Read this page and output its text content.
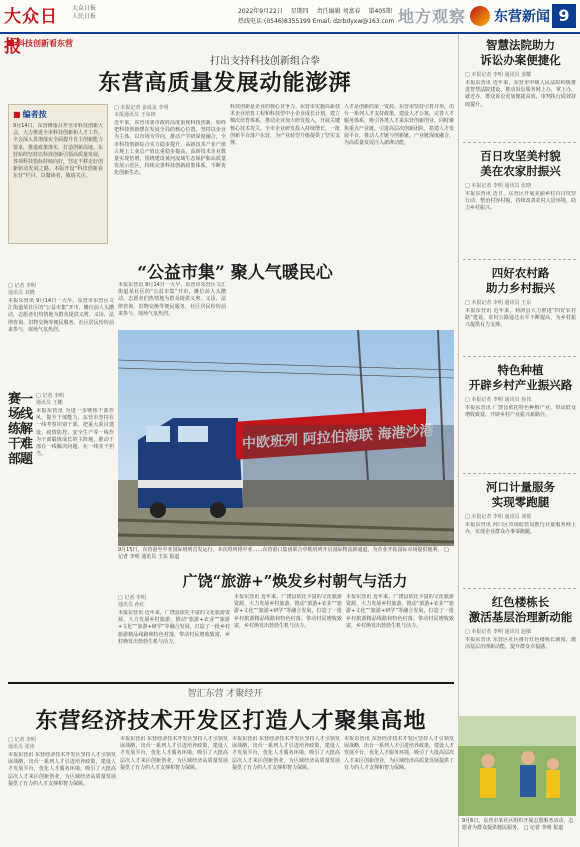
大众日报
大众日报
人民日报
2022年9月22日 星期四 责任编辑 刘富春 第405期
热线电话:(0546)8355199 Email: dzrbdyxw@163.com 地方观察	东营新闻 9
科技创新看东营
打出支持科技创新组合拳
东营高质量发展动能澎湃
■ 编者按
9月14日，东营隆重召开全市科技创新大会，大力推进全市科技创新和人才工作。全会深入贯彻落实全面提升自主创新能力要求，推进政策落实，打造创新高地。东营始终坚持以科技创新引领高质量发展，各项科技指标持续向好，坚定不移走好创新驱动发展之路。本版开设“科技创新看东营”栏目，以餐读者，敬请关注。
□ 本报记者 姜成龙 李明
本报通讯员 于东林
近年来，东营市委市政府高度重视科技创新，始终把科技创新摆在发展全局的核心位置。坚持以企业为主体，以市场为导向，推动产学研深度融合，全市科技创新综合实力稳步提升，高新技术产业产值占规上工业总产值比重稳步提高，高新技术企业数量实现倍增。围绕建设黄河流域生态保护和高质量发展示范区，持续完善科技创新政策体系，不断优化创新生态。
科技创新是企业的核心竞争力。东营市实施高新技术企业培育工程和科技型中小企业成长计划，建立梯次培育体系，推动企业加大研发投入，开展关键核心技术攻关。全市企业研发投入持续增长，一批创新平台落户东营，为产业转型升级提供了坚实支撑。
人才是创新的第一资源。东营市坚持引育并举，出台一系列人才支持政策，建设人才公寓，完善人才服务体系，吸引各类人才来东营创新创业。同时聚焦重点产业链，引进高层次创新团队，搭建人才发展平台，推动人才链与创新链、产业链深度融合，为高质量发展注入澎湃动能。
“公益市集” 聚人气暖民心
□ 记者 李明
通讯员 刘晓
本报东营讯 9月14日一大早，东营市东营区文汇街道某社区的“公益市集”开市，摊位前人头攒动，志愿者们热情地为群众提供义剪、义诊、法律咨询、旧物交换等便民服务，社区居民纷纷前来参与，现场气氛热烈。
本报东营讯 9月14日一大早，东营市东营区文汇街道某社区的“公益市集”开市，摊位前人头攒动，志愿者们热情地为群众提供义剪、义诊、法律咨询、旧物交换等便民服务，社区居民纷纷前来参与，现场气氛热烈。
赛场练干部一线解难题
□ 记者 李明
通讯员 王鹏
本报东营讯 为进一步锤炼干部作风，提升干部能力，东营市坚持在一线考察识别干部，把重大项目建设、疫情防控、安全生产等一线作为干部锻炼成长的主阵地，推动干部在一线解决问题、在一线实干担当。
中欧班列 阿拉伯海联 海港沙港
9月15日，东营港至中亚国际班列首发运行，本次班列将中亚……东营港口集团联合中欧班列开启国际物流新通道，为企业开拓国际市场提供便利。 □ 记者 李明 通讯员 王东 报道
广饶“旅游+”焕发乡村朝气与活力
□ 记者 李明
通讯员 孙红
本报东营讯 近年来，广饶县依托丰富的文化旅游资源，大力发展乡村旅游，推动“旅游+农业”“旅游+文化”“旅游+研学”等融合发展，打造了一批乡村旅游精品线路和特色村落，带动村民增收致富，乡村焕发出勃勃生机与活力。
本报东营讯 近年来，广饶县依托丰富的文化旅游资源，大力发展乡村旅游，推动“旅游+农业”“旅游+文化”“旅游+研学”等融合发展，打造了一批乡村旅游精品线路和特色村落，带动村民增收致富，乡村焕发出勃勃生机与活力。
本报东营讯 近年来，广饶县依托丰富的文化旅游资源，大力发展乡村旅游，推动“旅游+农业”“旅游+文化”“旅游+研学”等融合发展，打造了一批乡村旅游精品线路和特色村落，带动村民增收致富，乡村焕发出勃勃生机与活力。
智汇东营 才聚经开
东营经济技术开发区打造人才聚集高地
□ 记者 李明
通讯员 张涛
本报东营讯 东营经济技术开发区坚持人才引领发展战略，出台一系列人才引进培养政策，建设人才发展平台，优化人才服务环境，吸引了大批高层次人才来区创新创业，为区域经济高质量发展提供了有力的人才支撑和智力保障。
本报东营讯 东营经济技术开发区坚持人才引领发展战略，出台一系列人才引进培养政策，建设人才发展平台，优化人才服务环境，吸引了大批高层次人才来区创新创业，为区域经济高质量发展提供了有力的人才支撑和智力保障。
本报东营讯 东营经济技术开发区坚持人才引领发展战略，出台一系列人才引进培养政策，建设人才发展平台，优化人才服务环境，吸引了大批高层次人才来区创新创业，为区域经济高质量发展提供了有力的人才支撑和智力保障。
本报东营讯 东营经济技术开发区坚持人才引领发展战略，出台一系列人才引进培养政策，建设人才发展平台，优化人才服务环境，吸引了大批高层次人才来区创新创业，为区域经济高质量发展提供了有力的人才支撑和智力保障。
智慧法院助力
诉讼办案便捷化
□ 本报记者 李明 通讯员 姜耀
本报东营讯 近年来，东营市中级人民法院积极推进智慧法院建设，推动诉讼服务网上办、掌上办、就近办，群众诉讼更加便捷高效，审判执行质效持续提升。
百日攻坚美村貌
美在农家肘振兴
□ 本报记者 李明 通讯员 张晓
本报东营讯 近日，东营区开展美丽乡村百日攻坚行动，整治村容村貌，持续改善农村人居环境，助力乡村振兴。
四好农村路
助力乡村振兴
□ 本报记者 李明 通讯员 王东
本报东营讯 近年来，利津县大力推进“四好农村路”建设，农村公路通达水平不断提高，为乡村振兴提供有力支撑。
特色种植
开辟乡村产业振兴路
□ 本报记者 李明 通讯员 孙伟
本报东营讯 广饶县依托特色种植产业，带动群众增收致富，开辟乡村产业振兴新路径。
河口计量服务
实现零跑腿
□ 本报记者 李明 通讯员 刘倩
本报东营讯 河口区市场监管局推行计量服务网上办，实现企业群众办事零跑腿。
红色楼栋长
激活基层治理新动能
□ 本报记者 李明 通讯员 赵敏
本报东营讯 东营区社区推行红色楼栋长制度，激活基层治理新动能，提升群众幸福感。
9月6日，东营市某社区组织开展志愿服务活动，志愿者为群众提供便民服务。 □ 记者 李明 报道
